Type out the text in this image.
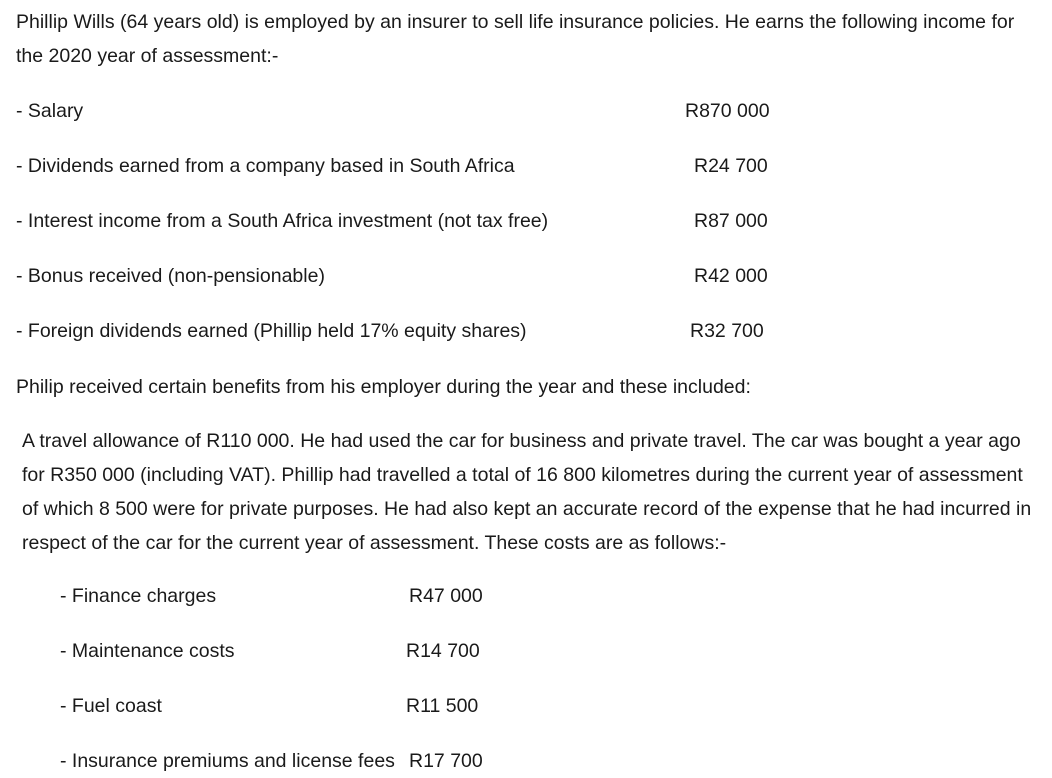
Phillip Wills (64 years old) is employed by an insurer to sell life insurance policies. He earns the following income for the 2020 year of assessment:-

- Salary	R870 000
- Dividends earned from a company based in South Africa	R24 700
- Interest income from a South Africa investment (not tax free)	R87 000
- Bonus received (non-pensionable)	R42 000
- Foreign dividends earned (Phillip held 17% equity shares)	R32 700

Philip received certain benefits from his employer during the year and these included:

A travel allowance of R110 000. He had used the car for business and private travel. The car was bought a year ago for R350 000 (including VAT). Phillip had travelled a total of 16 800 kilometres during the current year of assessment of which 8 500 were for private purposes. He had also kept an accurate record of the expense that he had incurred in respect of the car for the current year of assessment. These costs are as follows:-

- Finance charges	R47 000
- Maintenance costs	R14 700
- Fuel coast	R11 500
- Insurance premiums and license fees R17 700
